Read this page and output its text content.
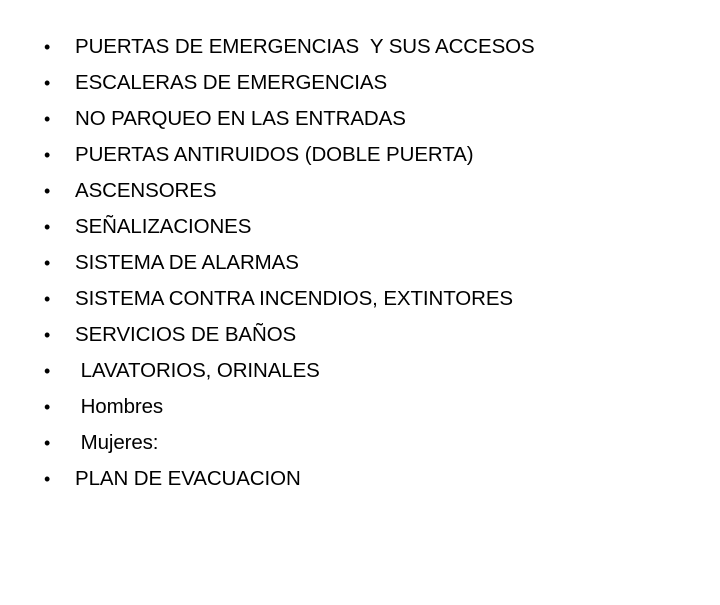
•

	PUERTAS DE EMERGENCIAS  Y SUS ACCESOS

•

	ESCALERAS DE EMERGENCIAS

•

	NO PARQUEO EN LAS ENTRADAS

•

	PUERTAS ANTIRUIDOS (DOBLE PUERTA)

•

	ASCENSORES

•

	SEÑALIZACIONES

•

	SISTEMA DE ALARMAS

•

	SISTEMA CONTRA INCENDIOS, EXTINTORES

•

	SERVICIOS DE BAÑOS

•

	LAVATORIOS, ORINALES

•

	Hombres

•

	Mujeres:

•

	PLAN DE EVACUACION
